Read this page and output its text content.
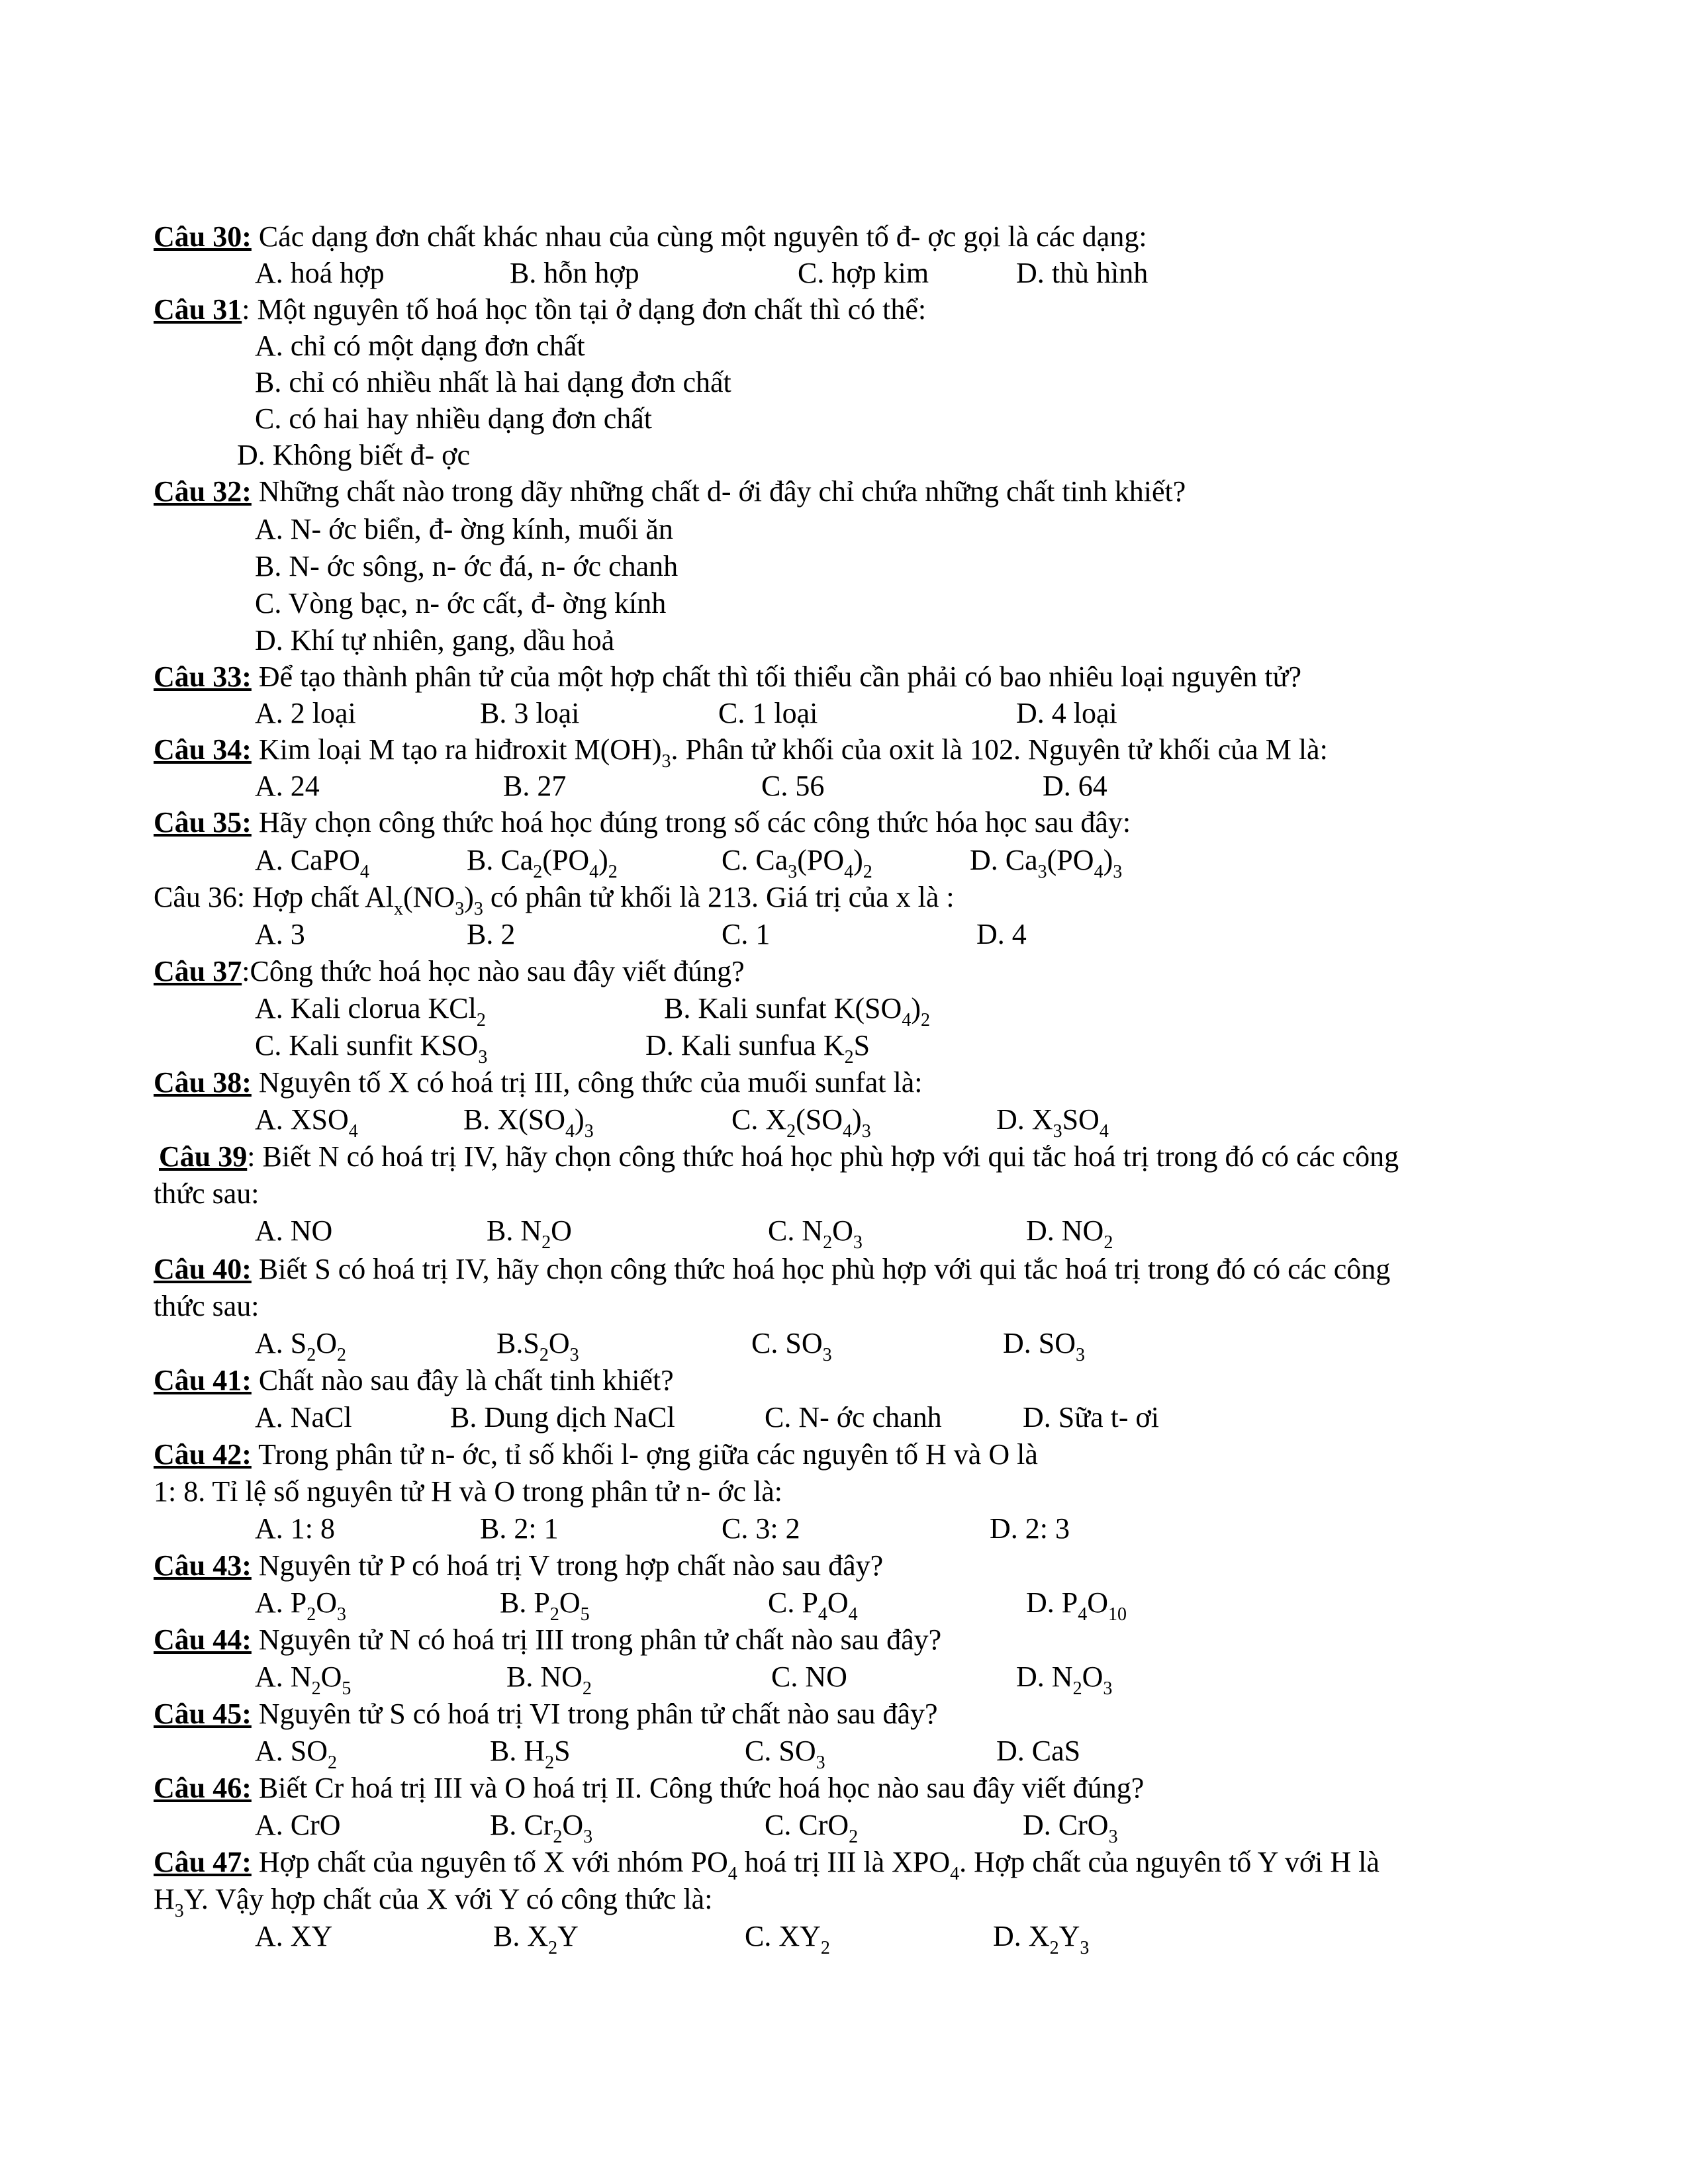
Câu 30: Các dạng đơn chất khác nhau của cùng một nguyên tố đ- ợc gọi là các dạng:
A. hoá hợp	B. hỗn hợp	C. hợp kim	D. thù hình
Câu 31: Một nguyên tố hoá học tồn tại ở dạng đơn chất thì có thể:
A. chỉ có một dạng đơn chất
B. chỉ có nhiều nhất là hai dạng đơn chất
C. có hai hay nhiều dạng đơn chất
D. Không biết đ- ợc
Câu 32: Những chất nào trong dãy những chất d- ới đây chỉ chứa những chất tinh khiết?
A. N- ớc biển, đ- ờng kính, muối ăn
B. N- ớc sông, n- ớc đá, n- ớc chanh
C. Vòng bạc, n- ớc cất, đ- ờng kính
D. Khí tự nhiên, gang, dầu hoả
Câu 33: Để tạo thành phân tử của một hợp chất thì tối thiểu cần phải có bao nhiêu loại nguyên tử?
A. 2 loại	B. 3 loại	C. 1 loại	D. 4 loại
Câu 34: Kim loại M tạo ra hiđroxit $M(OH)_3$. Phân tử khối của oxit là 102. Nguyên tử khối của M là:
A. 24	B. 27	C. 56	D. 64
Câu 35: Hãy chọn công thức hoá học đúng trong số các công thức hóa học sau đây:
A. CaPO$_4$	B. $Ca_2(PO_4)_2$	C. $Ca_3(PO_4)_2$	D. $Ca_3(PO_4)_3$
Câu 36: Hợp chất $Al_x(NO_3)_3$ có phân tử khối là 213. Giá trị của x là :
A. 3	B. 2	C. 1	D. 4
Câu 37:Công thức hoá học nào sau đây viết đúng?
A. Kali clorua KCl$_2$	B. Kali sunfat $K(SO_4)_2$
C. Kali sunfit $KSO_3$	D. Kali sunfua $K_2S$
Câu 38: Nguyên tố X có hoá trị III, công thức của muối sunfat là:
A. $XSO_4$	B. $X(SO_4)_3$	C. $X_2(SO_4)_3$	D. $X_3SO_4$
Câu 39: Biết N có hoá trị IV, hãy chọn công thức hoá học phù hợp với qui tắc hoá trị trong đó có các công
thức sau:
A. NO	B. $N_2O$	C. $N_2O_3$	D. $NO_2$
Câu 40: Biết S có hoá trị IV, hãy chọn công thức hoá học phù hợp với qui tắc hoá trị trong đó có các công
thức sau:
A. $S_2O_2$	$B.S_2O_3$	C. $SO_3$	D. $SO_3$
Câu 41: Chất nào sau đây là chất tinh khiết?
A. NaCl	B. Dung dịch NaCl	C. N- ớc chanh	D. Sữa t- ơi
Câu 42: Trong phân tử n- ớc, tỉ số khối l- ợng giữa các nguyên tố H và O là
1: 8. Tỉ lệ số nguyên tử H và O trong phân tử n- ớc là:
A. 1: 8	B. 2: 1	C. 3: 2	D. 2: 3
Câu 43: Nguyên tử P có hoá trị V trong hợp chất nào sau đây?
A. $P_2O_3$	B. $P_2O_5$	C. $P_4O_4$	D. $P_4O_{10}$
Câu 44: Nguyên tử N có hoá trị III trong phân tử chất nào sau đây?
A. $N_2O_5$	B. $NO_2$	C. NO	D. $N_2O_3$
Câu 45: Nguyên tử S có hoá trị VI trong phân tử chất nào sau đây?
A. $SO_2$	B. $H_2S$	C. $SO_3$	D. CaS
Câu 46: Biết Cr hoá trị III và O hoá trị II. Công thức hoá học nào sau đây viết đúng?
A. CrO	B. $Cr_2O_3$	C. CrO$_2$	D. CrO$_3$
Câu 47: Hợp chất của nguyên tố X với nhóm $PO_4$ hoá trị III là $XPO_4$. Hợp chất của nguyên tố Y với H là
$H_3Y$. Vậy hợp chất của X với Y có công thức là:
A. XY	B. $X_2Y$	C. $XY_2$	D. $X_2Y_3$
